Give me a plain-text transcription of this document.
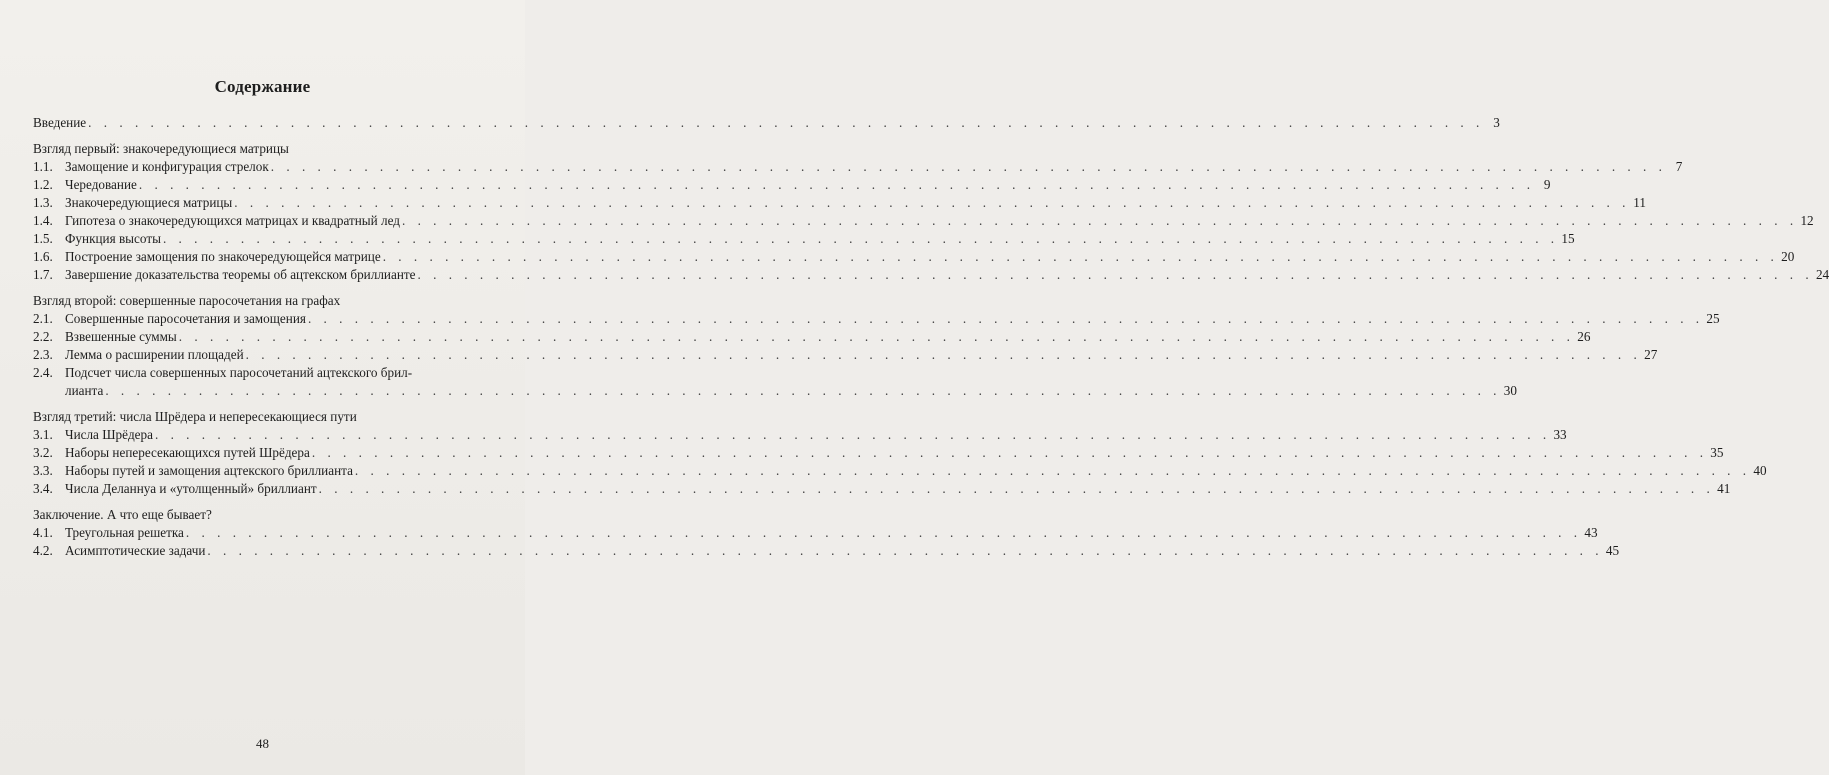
Содержание
Введение . . .	3
Взгляд первый: знакочередующиеся матрицы
1.1. Замощение и конфигурация стрелок . . .	7
1.2. Чередование . . .	9
1.3. Знакочередующиеся матрицы . . .	11
1.4. Гипотеза о знакочередующихся матрицах и квадратный лед . . .	12
1.5. Функция высоты . . .	15
1.6. Построение замощения по знакочередующейся матрице . . .	20
1.7. Завершение доказательства теоремы об ацтекском бриллианте . . .	24
Взгляд второй: совершенные паросочетания на графах
2.1. Совершенные паросочетания и замощения . . .	25
2.2. Взвешенные суммы . . .	26
2.3. Лемма о расширении площадей . . .	27
2.4. Подсчет числа совершенных паросочетаний ацтекского брил-
лианта . . .	30
Взгляд третий: числа Шрёдера и непересекающиеся пути
3.1. Числа Шрёдера . . .	33
3.2. Наборы непересекающихся путей Шрёдера . . .	35
3.3. Наборы путей и замощения ацтекского бриллианта . . .	40
3.4. Числа Деланнуа и «утолщенный» бриллиант . . .	41
Заключение. А что еще бывает?
4.1. Треугольная решетка . . .	43
4.2. Асимптотические задачи . . .	45
48
